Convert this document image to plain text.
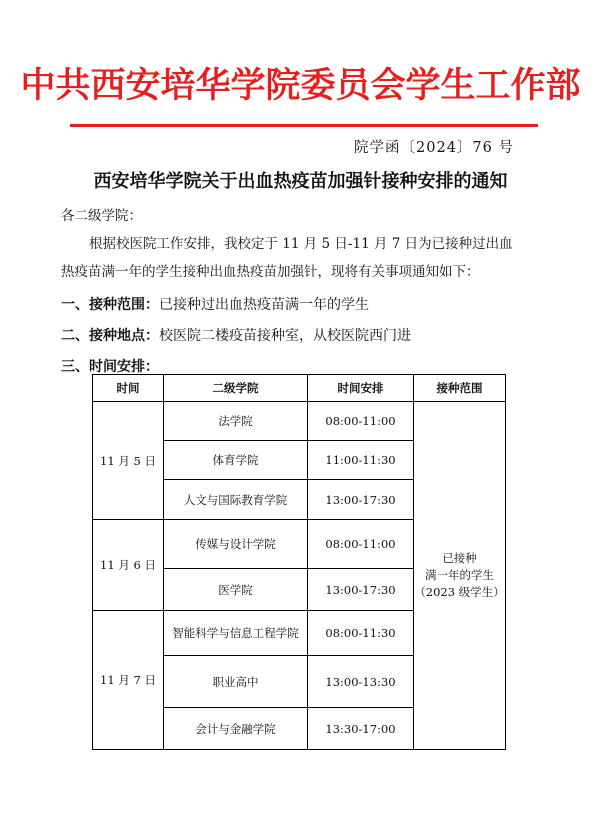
中共西安培华学院委员会学生工作部
院学函〔2024〕76 号
西安培华学院关于出血热疫苗加强针接种安排的通知
各二级学院：
根据校医院工作安排，我校定于 11 月 5 日-11 月 7 日为已接种过出血
热疫苗满一年的学生接种出血热疫苗加强针，现将有关事项通知如下：
一、接种范围：已接种过出血热疫苗满一年的学生
二、接种地点：校医院二楼疫苗接种室，从校医院西门进
三、时间安排：
时间	二级学院	时间安排	接种范围
11 月 5 日	法学院	08:00-11:00	已接种
满一年的学生
（2023 级学生）

	体育学院	11:00-11:30	
	人文与国际教育学院	13:00-17:30	
11 月 6 日	传媒与设计学院	08:00-11:00	
	医学院	13:00-17:30	
11 月 7 日	智能科学与信息工程学院	08:00-11:30	
	职业高中	13:00-13:30	
	会计与金融学院	13:30-17:00	
